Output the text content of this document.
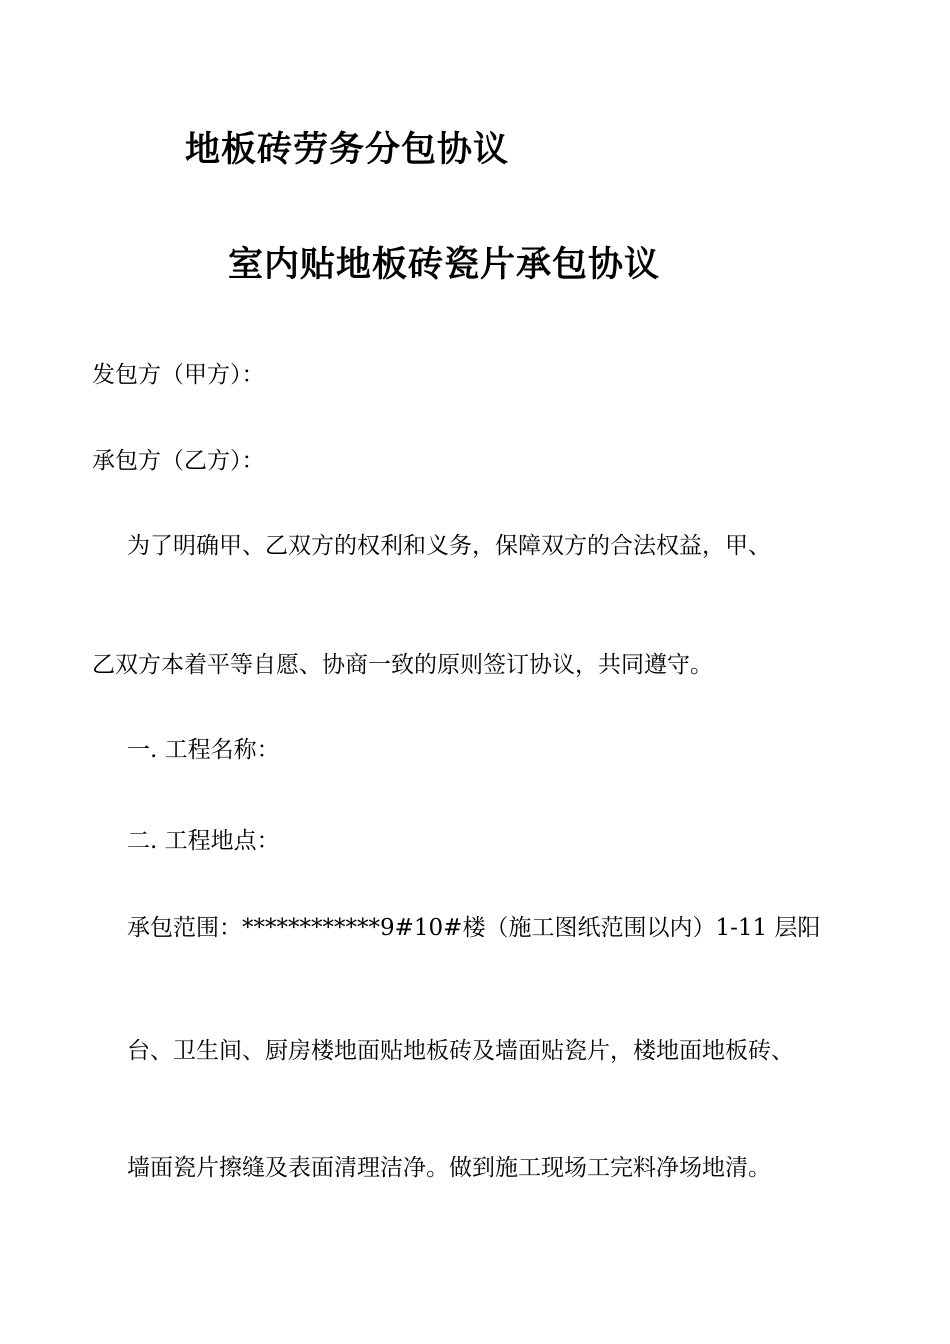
地板砖劳务分包协议
室内贴地板砖瓷片承包协议
发包方（甲方）：
承包方（乙方）：
为了明确甲、乙双方的权利和义务，保障双方的合法权益，甲、
乙双方本着平等自愿、协商一致的原则签订协议，共同遵守。
一. 工程名称：
二. 工程地点：
承包范围：************9#10#楼（施工图纸范围以内）1-11 层阳
台、卫生间、厨房楼地面贴地板砖及墙面贴瓷片，楼地面地板砖、
墙面瓷片擦缝及表面清理洁净。做到施工现场工完料净场地清。
